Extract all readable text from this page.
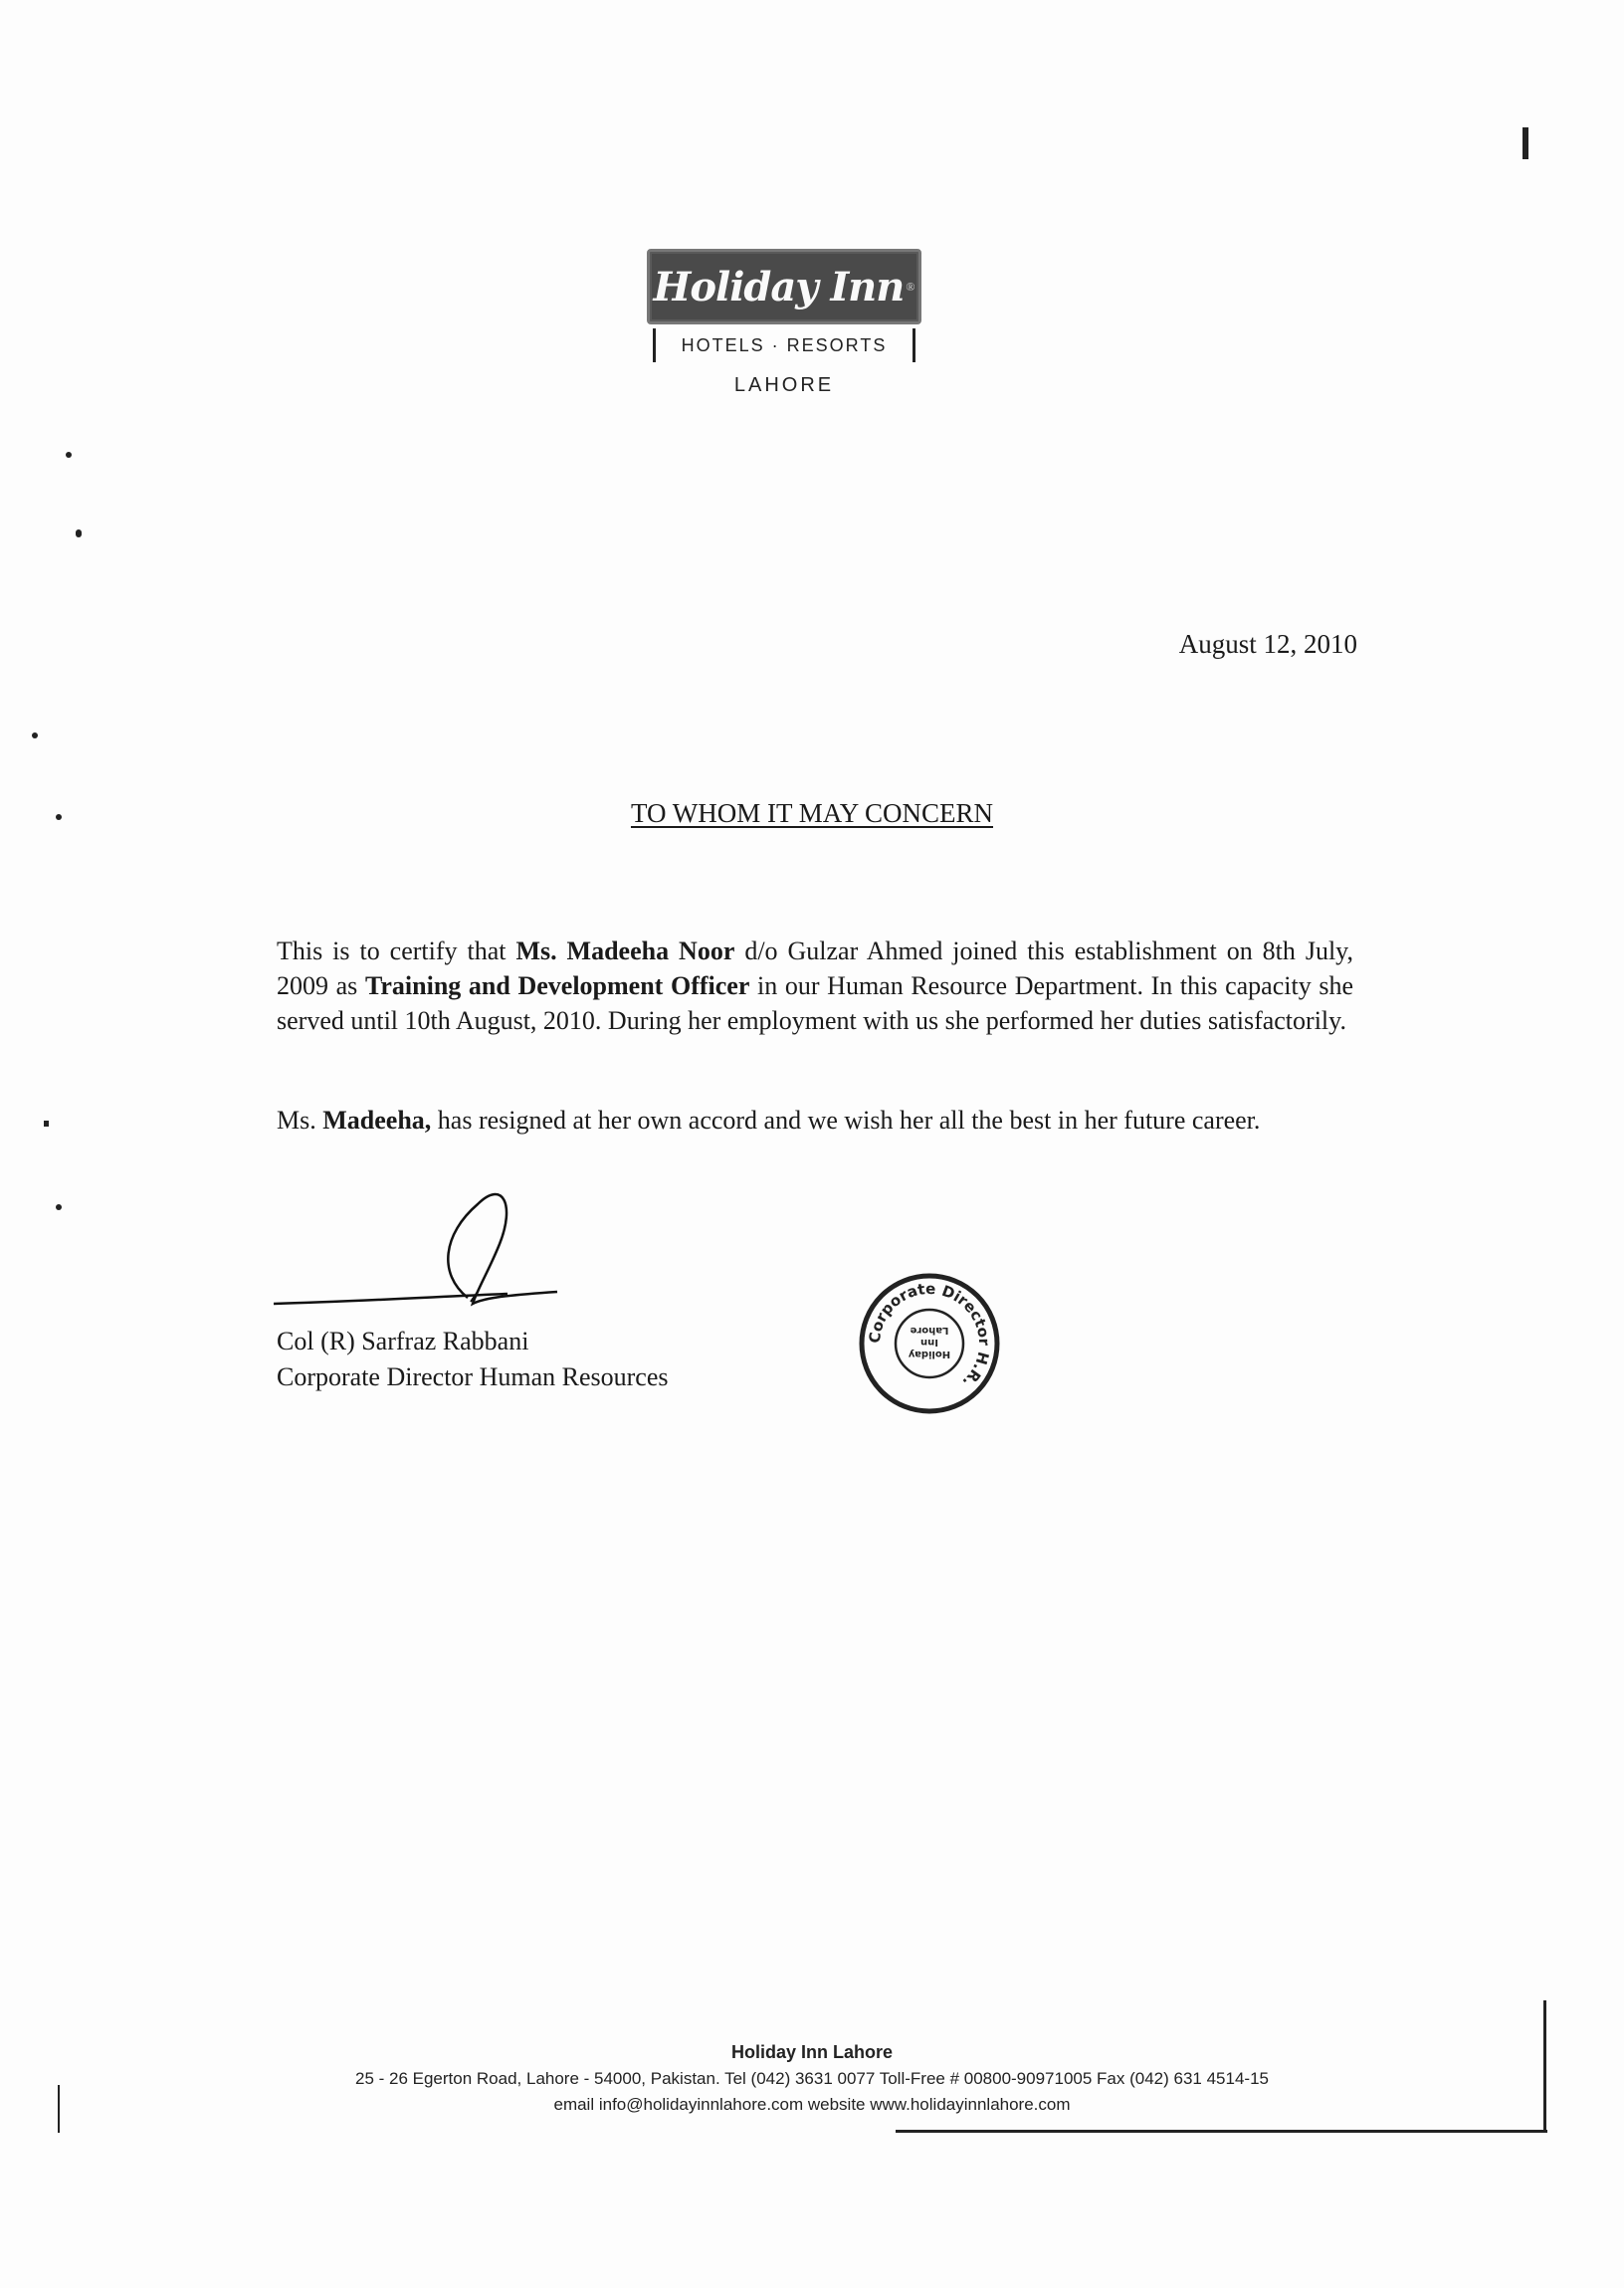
Holiday Inn ®
HOTELS · RESORTS
LAHORE
August 12, 2010
TO WHOM IT MAY CONCERN
This is to certify that Ms. Madeeha Noor d/o Gulzar Ahmed joined this establishment on 8th July, 2009 as Training and Development Officer in our Human Resource Department. In this capacity she served until 10th August, 2010. During her employment with us she performed her duties satisfactorily.
Ms. Madeeha, has resigned at her own accord and we wish her all the best in her future career.
Col (R) Sarfraz Rabbani
Corporate Director Human Resources
Corporate Director H.R.
Holiday
Inn
Lahore
Holiday Inn Lahore
25 - 26 Egerton Road, Lahore - 54000, Pakistan. Tel (042) 3631 0077 Toll-Free # 00800-90971005 Fax (042) 631 4514-15
email info@holidayinnlahore.com website www.holidayinnlahore.com
